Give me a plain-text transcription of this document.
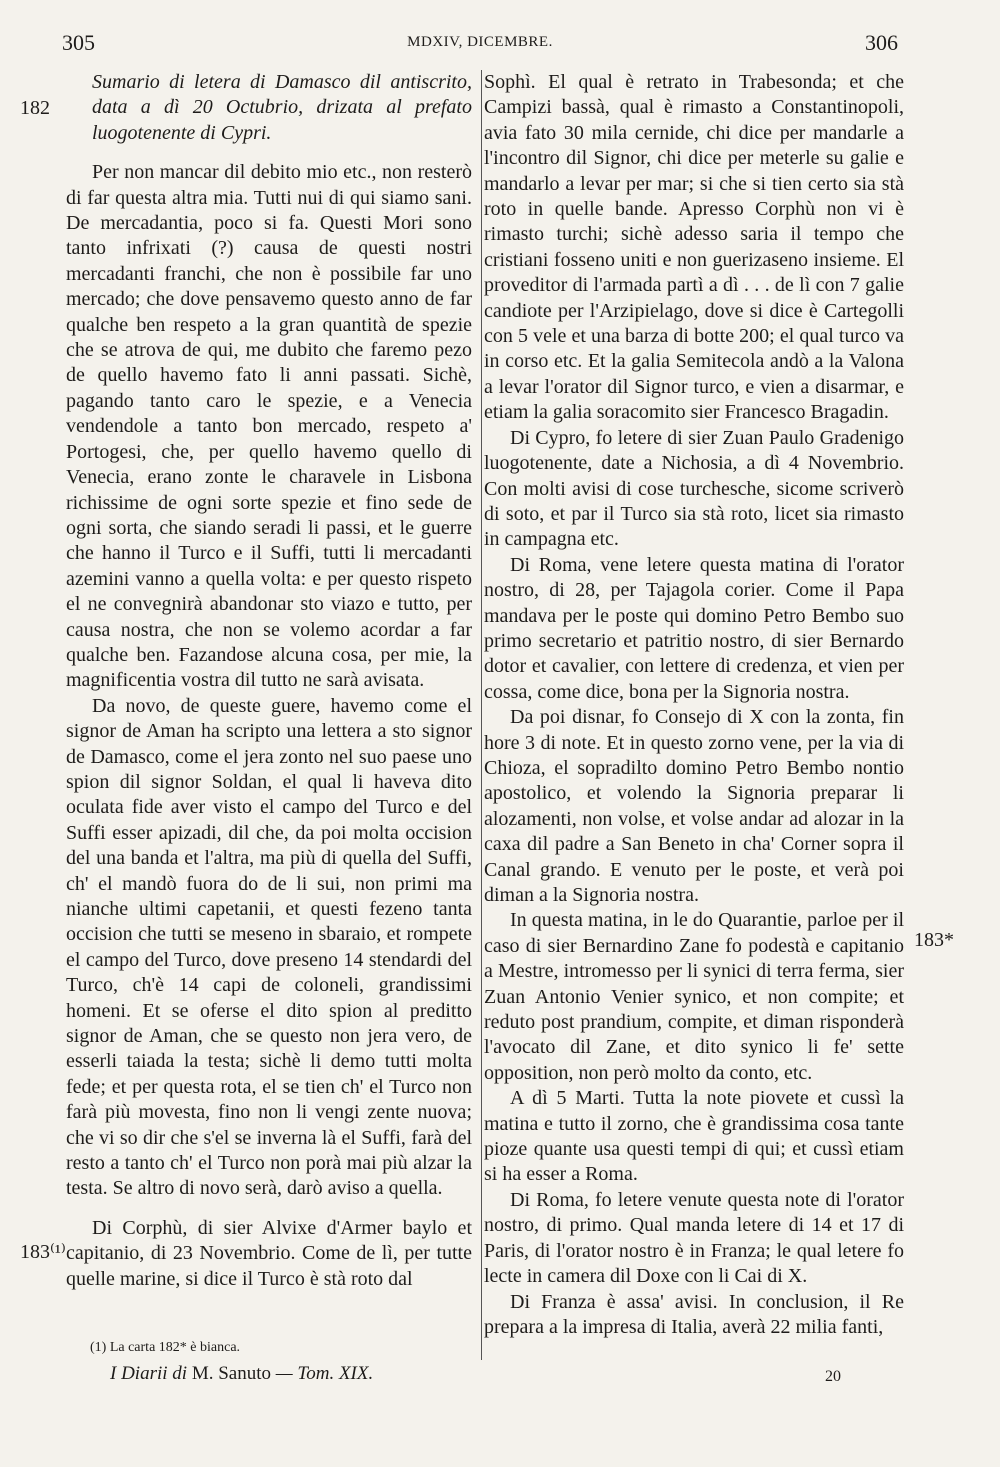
305	MDXIV, DICEMBRE.	306
182
183⁽¹⁾
183*

Sumario di letera di Damasco dil antiscrito, data a dì 20 Octubrio, drizata al prefato luogotenente di Cypri.

Per non mancar dil debito mio etc., non resterò di far questa altra mia. Tutti nui di qui siamo sani. De mercadantia, poco si fa. Questi Mori sono tanto infrixati (?) causa de questi nostri mercadanti franchi, che non è possibile far uno mercado; che dove pensavemo questo anno de far qualche ben respeto a la gran quantità de spezie che se atrova de qui, me dubito che faremo pezo de quello havemo fato li anni passati. Sichè, pagando tanto caro le spezie, e a Venecia vendendole a tanto bon mercado, respeto a' Portogesi, che, per quello havemo quello di Venecia, erano zonte le charavele in Lisbona richissime de ogni sorte spezie et fino sede de ogni sorta, che siando seradi li passi, et le guerre che hanno il Turco e il Suffi, tutti li mercadanti azemini vanno a quella volta: e per questo rispeto el ne convegnirà abandonar sto viazo e tutto, per causa nostra, che non se volemo acordar a far qualche ben. Fazandose alcuna cosa, per mie, la magnificentia vostra dil tutto ne sarà avisata.

Da novo, de queste guere, havemo come el signor de Aman ha scripto una lettera a sto signor de Damasco, come el jera zonto nel suo paese uno spion dil signor Soldan, el qual li haveva dito oculata fide aver visto el campo del Turco e del Suffi esser apizadi, dil che, da poi molta occision del una banda et l'altra, ma più di quella del Suffi, ch' el mandò fuora do de li sui, non primi ma nianche ultimi capetanii, et questi fezeno tanta occision che tutti se meseno in sbaraio, et rompete el campo del Turco, dove preseno 14 stendardi del Turco, ch'è 14 capi de coloneli, grandissimi homeni. Et se oferse el dito spion al preditto signor de Aman, che se questo non jera vero, de esserli taiada la testa; sichè li demo tutti molta fede; et per questa rota, el se tien ch' el Turco non farà più movesta, fino non li vengi zente nuova; che vi so dir che s'el se inverna là el Suffi, farà del resto a tanto ch' el Turco non porà mai più alzar la testa. Se altro di novo serà, darò aviso a quella.

Di Corphù, di sier Alvixe d'Armer baylo et capitanio, di 23 Novembrio. Come de lì, per tutte quelle marine, si dice il Turco è stà roto dal

Sophì. El qual è retrato in Trabesonda; et che Campizi bassà, qual è rimasto a Constantinopoli, avia fato 30 mila cernide, chi dice per mandarle a l'incontro dil Signor, chi dice per meterle su galie e mandarlo a levar per mar; si che si tien certo sia stà roto in quelle bande. Apresso Corphù non vi è rimasto turchi; sichè adesso saria il tempo che cristiani fosseno uniti e non guerizaseno insieme. El proveditor di l'armada partì a dì . . . de lì con 7 galie candiote per l'Arzipielago, dove si dice è Cartegolli con 5 vele et una barza di botte 200; el qual turco va in corso etc. Et la galia Semitecola andò a la Valona a levar l'orator dil Signor turco, e vien a disarmar, e etiam la galia soracomito sier Francesco Bragadin.

Di Cypro, fo letere di sier Zuan Paulo Gradenigo luogotenente, date a Nichosia, a dì 4 Novembrio. Con molti avisi di cose turchesche, sicome scriverò di soto, et par il Turco sia stà roto, licet sia rimasto in campagna etc.

Di Roma, vene letere questa matina di l'orator nostro, di 28, per Tajagola corier. Come il Papa mandava per le poste qui domino Petro Bembo suo primo secretario et patritio nostro, di sier Bernardo dotor et cavalier, con lettere di credenza, et vien per cossa, come dice, bona per la Signoria nostra.

Da poi disnar, fo Consejo di X con la zonta, fin hore 3 di note. Et in questo zorno vene, per la via di Chioza, el sopradilto domino Petro Bembo nontio apostolico, et volendo la Signoria preparar li alozamenti, non volse, et volse andar ad alozar in la caxa dil padre a San Beneto in cha' Corner sopra il Canal grando. E venuto per le poste, et verà poi diman a la Signoria nostra.

In questa matina, in le do Quarantie, parloe per il caso di sier Bernardino Zane fo podestà e capitanio a Mestre, intromesso per li synici di terra ferma, sier Zuan Antonio Venier synico, et non compite; et reduto post prandium, compite, et diman risponderà l'avocato dil Zane, et dito synico li fe' sette opposition, non però molto da conto, etc.

A dì 5 Marti. Tutta la note piovete et cussì la matina e tutto il zorno, che è grandissima cosa tante pioze quante usa questi tempi di qui; et cussì etiam si ha esser a Roma.

Di Roma, fo letere venute questa note di l'orator nostro, di primo. Qual manda letere di 14 et 17 di Paris, di l'orator nostro è in Franza; le qual letere fo lecte in camera dil Doxe con li Cai di X.

Di Franza è assa' avisi. In conclusion, il Re prepara a la impresa di Italia, averà 22 milia fanti,

(1) La carta 182* è bianca.
I Diarii di M. Sanuto — Tom. XIX.	20
